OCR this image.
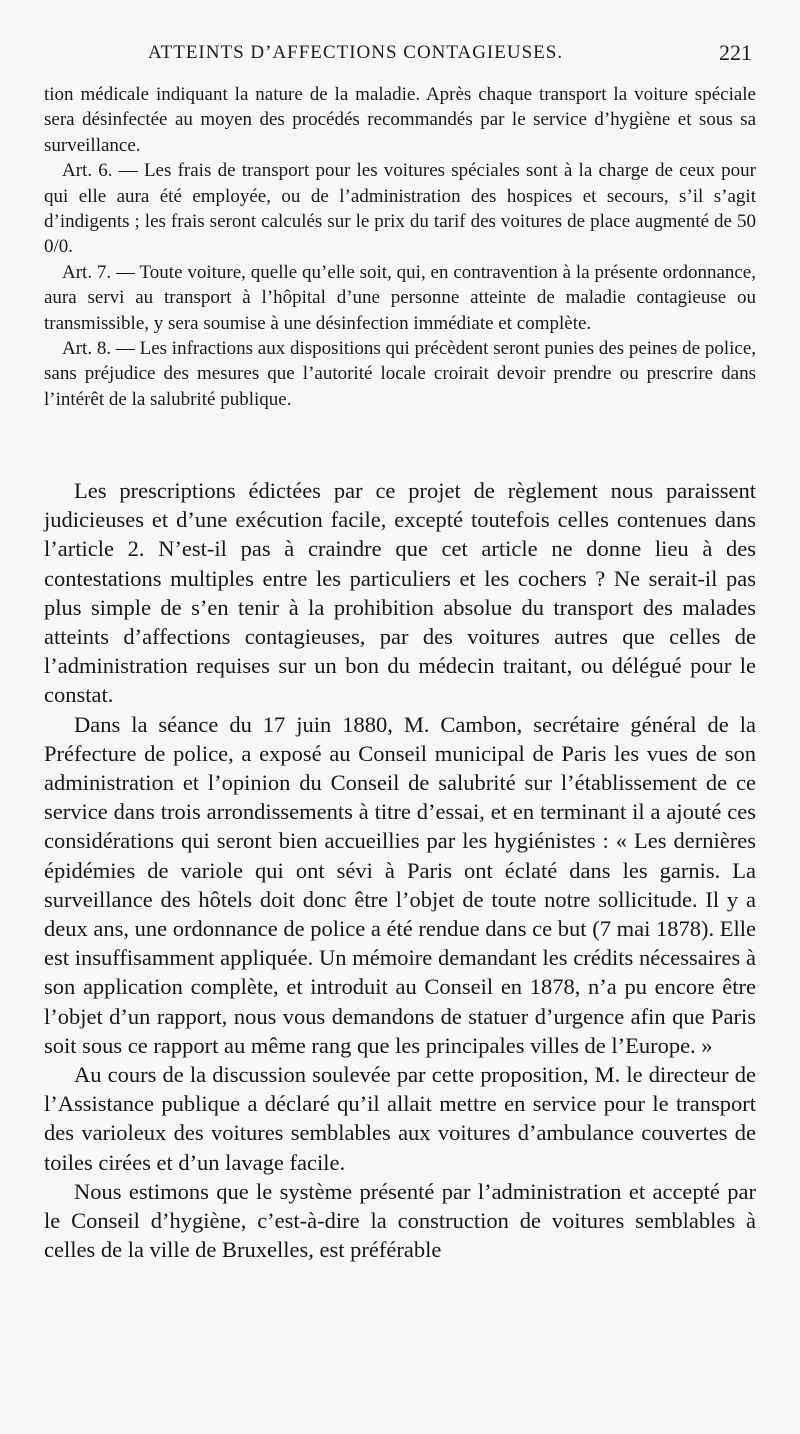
ATTEINTS D’AFFECTIONS CONTAGIEUSES.	221

tion médicale indiquant la nature de la maladie. Après chaque transport la voiture spéciale sera désinfectée au moyen des procédés recommandés par le service d’hygiène et sous sa surveillance.

Art. 6. — Les frais de transport pour les voitures spéciales sont à la charge de ceux pour qui elle aura été employée, ou de l’administration des hospices et secours, s’il s’agit d’indigents ; les frais seront calculés sur le prix du tarif des voitures de place augmenté de 50 0/0.

Art. 7. — Toute voiture, quelle qu’elle soit, qui, en contravention à la présente ordonnance, aura servi au transport à l’hôpital d’une personne atteinte de maladie contagieuse ou transmissible, y sera soumise à une désinfection immédiate et complète.

Art. 8. — Les infractions aux dispositions qui précèdent seront punies des peines de police, sans préjudice des mesures que l’autorité locale croirait devoir prendre ou prescrire dans l’intérêt de la salubrité publique.

Les prescriptions édictées par ce projet de règlement nous paraissent judicieuses et d’une exécution facile, excepté toutefois celles contenues dans l’article 2. N’est-il pas à craindre que cet article ne donne lieu à des contestations multiples entre les particuliers et les cochers ? Ne serait-il pas plus simple de s’en tenir à la prohibition absolue du transport des malades atteints d’affections contagieuses, par des voitures autres que celles de l’administration requises sur un bon du médecin traitant, ou délégué pour le constat.

Dans la séance du 17 juin 1880, M. Cambon, secrétaire général de la Préfecture de police, a exposé au Conseil municipal de Paris les vues de son administration et l’opinion du Conseil de salubrité sur l’établissement de ce service dans trois arrondissements à titre d’essai, et en terminant il a ajouté ces considérations qui seront bien accueillies par les hygiénistes : « Les dernières épidémies de variole qui ont sévi à Paris ont éclaté dans les garnis. La surveillance des hôtels doit donc être l’objet de toute notre sollicitude. Il y a deux ans, une ordonnance de police a été rendue dans ce but (7 mai 1878). Elle est insuffisamment appliquée. Un mémoire demandant les crédits nécessaires à son application complète, et introduit au Conseil en 1878, n’a pu encore être l’objet d’un rapport, nous vous demandons de statuer d’urgence afin que Paris soit sous ce rapport au même rang que les principales villes de l’Europe. »

Au cours de la discussion soulevée par cette proposition, M. le directeur de l’Assistance publique a déclaré qu’il allait mettre en service pour le transport des varioleux des voitures semblables aux voitures d’ambulance couvertes de toiles cirées et d’un lavage facile.

Nous estimons que le système présenté par l’administration et accepté par le Conseil d’hygiène, c’est-à-dire la construction de voitures semblables à celles de la ville de Bruxelles, est préférable
